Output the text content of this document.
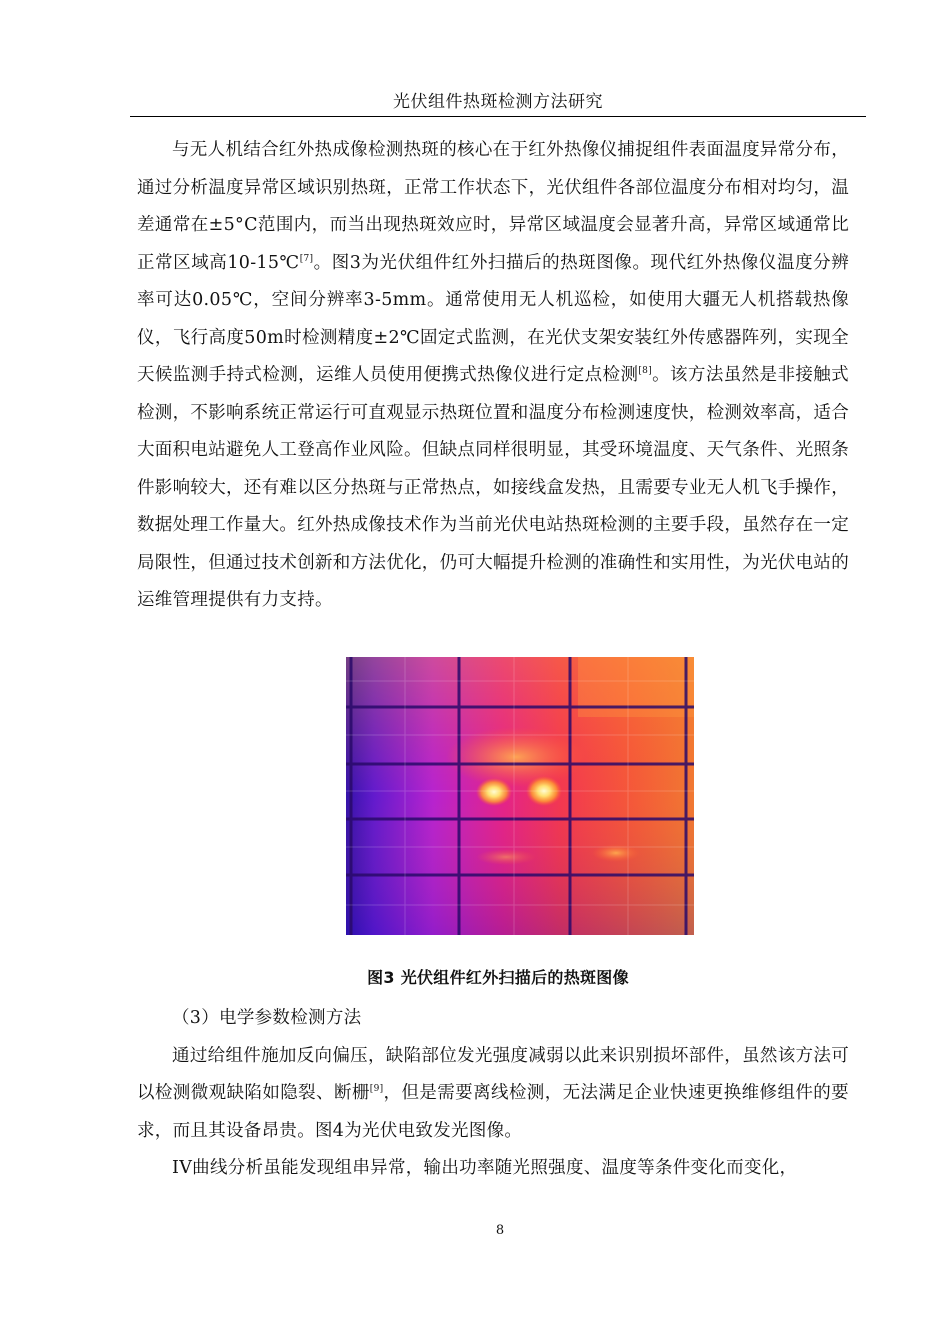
光伏组件热斑检测方法研究

与无人机结合红外热成像检测热斑的核心在于红外热像仪捕捉组件表面温度异常分布，通过分析温度异常区域识别热斑，正常工作状态下，光伏组件各部位温度分布相对均匀，温差通常在±5°C范围内，而当出现热斑效应时，异常区域温度会显著升高，异常区域通常比正常区域高10-15℃[7]。图3为光伏组件红外扫描后的热斑图像。现代红外热像仪温度分辨率可达0.05℃，空间分辨率3-5mm。通常使用无人机巡检，如使用大疆无人机搭载热像仪，飞行高度50m时检测精度±2℃固定式监测，在光伏支架安装红外传感器阵列，实现全天候监测手持式检测，运维人员使用便携式热像仪进行定点检测[8]。该方法虽然是非接触式检测，不影响系统正常运行可直观显示热斑位置和温度分布检测速度快，检测效率高，适合大面积电站避免人工登高作业风险。但缺点同样很明显，其受环境温度、天气条件、光照条件影响较大，还有难以区分热斑与正常热点，如接线盒发热，且需要专业无人机飞手操作，数据处理工作量大。红外热成像技术作为当前光伏电站热斑检测的主要手段，虽然存在一定局限性，但通过技术创新和方法优化，仍可大幅提升检测的准确性和实用性，为光伏电站的运维管理提供有力支持。

图3 光伏组件红外扫描后的热斑图像

（3）电学参数检测方法

通过给组件施加反向偏压，缺陷部位发光强度减弱以此来识别损坏部件，虽然该方法可以检测微观缺陷如隐裂、断栅[9]，但是需要离线检测，无法满足企业快速更换维修组件的要求，而且其设备昂贵。图4为光伏电致发光图像。

IV曲线分析虽能发现组串异常，输出功率随光照强度、温度等条件变化而变化，

8
